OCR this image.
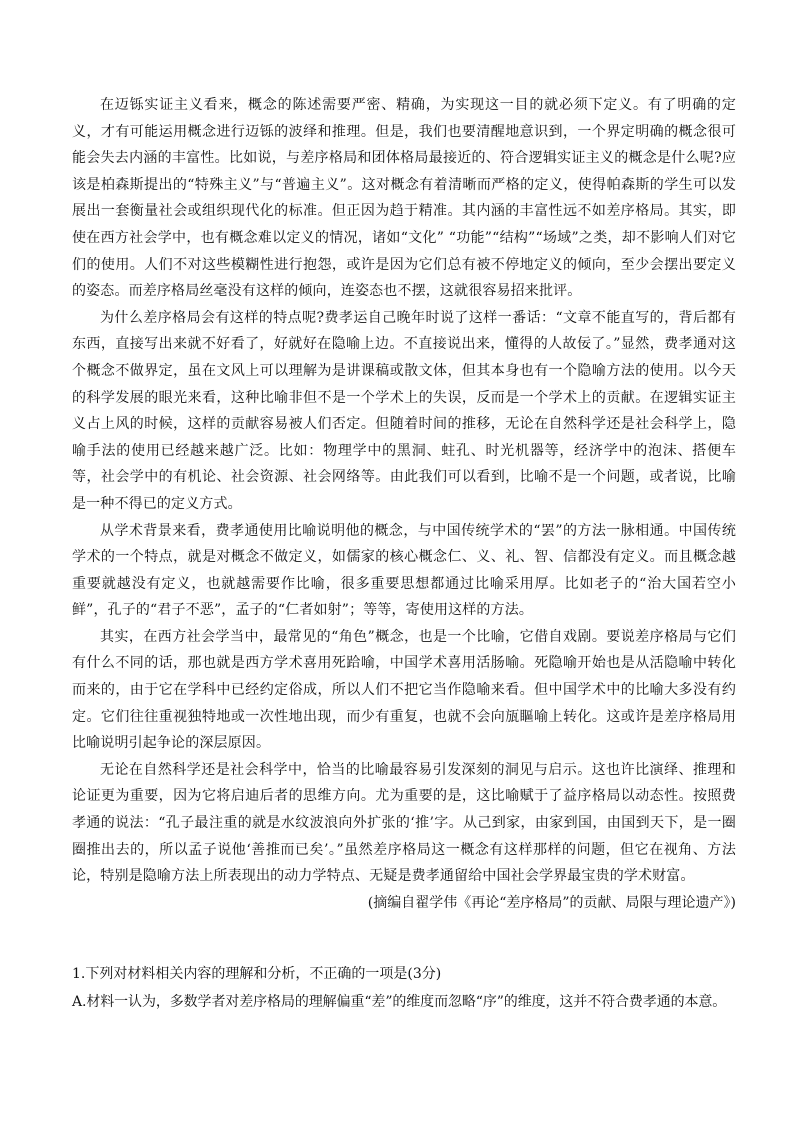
在迈铄实证主义看来，概念的陈述需要严密、精确，为实现这一目的就必须下定义。有了明确的定义，才有可能运用概念进行迈铄的波绎和推理。但是，我们也要清醒地意识到，一个界定明确的概念很可能会失去内涵的丰富性。比如说，与差序格局和团体格局最接近的、符合逻辑实证主义的概念是什么呢?应该是柏森斯提出的“特殊主义”与“普遍主义”。这对概念有着清晰而严格的定义，使得帕森斯的学生可以发展出一套衡量社会或组织现代化的标准。但正因为趋于精准。其内涵的丰富性远不如差序格局。其实，即使在西方社会学中，也有概念难以定义的情况，诸如“文化” “功能”“结构”“场域”之类，却不影响人们对它们的使用。人们不对这些模糊性进行抱怨，或许是因为它们总有被不停地定义的倾向，至少会摆出要定义的姿态。而差序格局丝毫没有这样的倾向，连姿态也不摆，这就很容易招来批评。

为什么差序格局会有这样的特点呢?费孝运自己晚年时说了这样一番话：“文章不能直写的，背后都有东西，直接写出来就不好看了，好就好在隐喻上边。不直接说出来，懂得的人故佞了。”显然，费孝通对这个概念不做界定，虽在文风上可以理解为是讲课稿或散文体，但其本身也有一个隐喻方法的使用。以今天的科学发展的眼光来看，这种比喻非但不是一个学术上的失误，反而是一个学术上的贡献。在逻辑实证主义占上风的时候，这样的贡献容易被人们否定。但随着时间的推移，无论在自然科学还是社会科学上，隐喻手法的使用已经越来越广泛。比如：物理学中的黑洞、蛀孔、时光机器等，经济学中的泡沫、搭便车等，社会学中的有机论、社会资源、社会网络等。由此我们可以看到，比喻不是一个问题，或者说，比喻是一种不得已的定义方式。

从学术背景来看，费孝通使用比喻说明他的概念，与中国传统学术的“罢”的方法一脉相通。中国传统学术的一个特点，就是对概念不做定义，如儒家的核心概念仁、义、礼、智、信都没有定义。而且概念越重要就越没有定义，也就越需要作比喻，很多重要思想都通过比喻采用厚。比如老子的“治大国若空小鲜”，孔子的“君子不恶”，孟子的“仁者如射”；等等，寄使用这样的方法。

其实，在西方社会学当中，最常见的“角色”概念，也是一个比喻，它借自戏剧。要说差序格局与它们有什么不同的话，那也就是西方学术喜用死跲喻，中国学术喜用活肠喻。死隐喻开始也是从活隐喻中转化而来的，由于它在学科中已经约定俗成，所以人们不把它当作隐喻来看。但中国学术中的比喻大多没有约定。它们往往重视独特地或一次性地出现，而少有重复，也就不会向瓬瞘喻上转化。这或许是差序格局用比喻说明引起争论的深层原因。

无论在自然科学还是社会科学中，恰当的比喻最容易引发深刻的洞见与启示。这也许比演绎、推理和论证更为重要，因为它将启迪后者的思维方向。尤为重要的是，这比喻赋于了益序格局以动态性。按照费孝通的说法：“孔子最注重的就是水纹波浪向外扩张的‘推’字。从己到家，由家到国，由国到天下，是一圈圈推出去的，所以孟子说他‘善推而已矣’。”虽然差序格局这一概念有这样那样的问题，但它在视角、方法论，特别是隐喻方法上所表现出的动力学特点、无疑是费孝通留给中国社会学界最宝贵的学术财富。

(摘编自翟学伟《再论“差序格局”的贡献、局限与理论遗产》)

1.下列对材料相关内容的理解和分析，不正确的一项是(3分)

A.材料一认为，多数学者对差序格局的理解偏重“差”的维度而忽略“序”的维度，这并不符合费孝通的本意。
